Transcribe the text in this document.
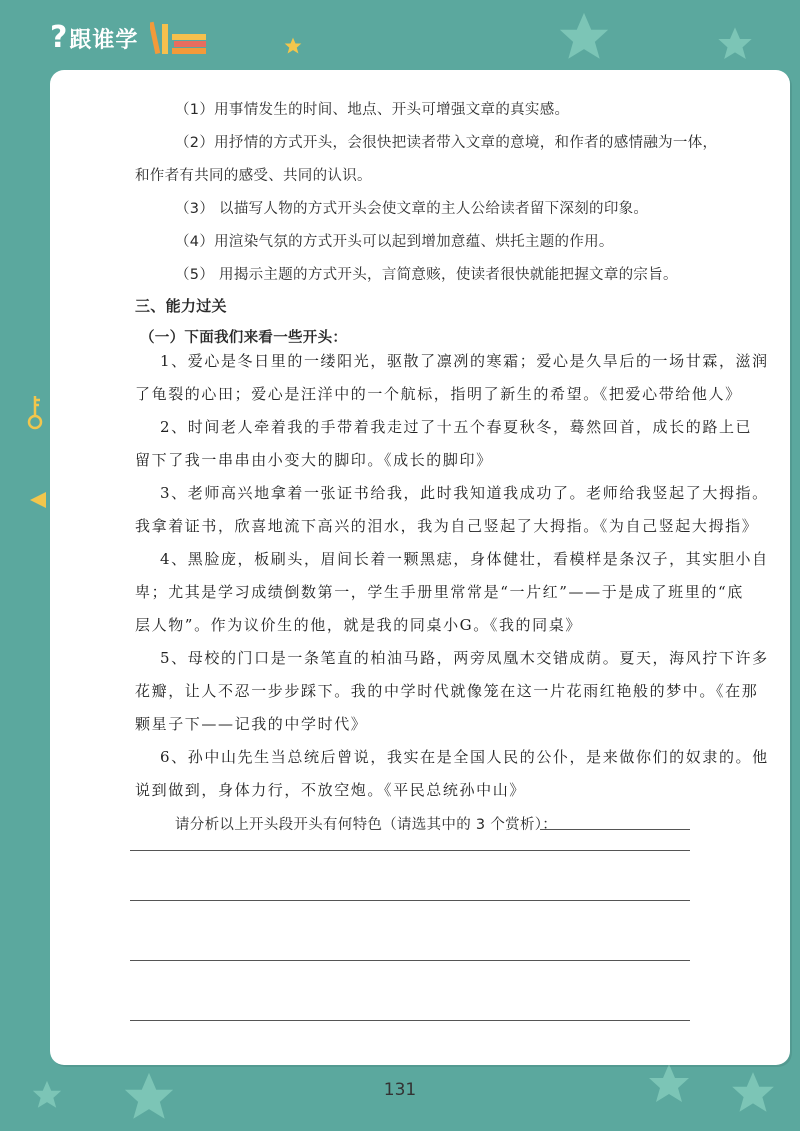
? 跟谁学
（1）用事情发生的时间、地点、开头可增强文章的真实感。
（2）用抒情的方式开头，会很快把读者带入文章的意境，和作者的感情融为一体，
和作者有共同的感受、共同的认识。
（3） 以描写人物的方式开头会使文章的主人公给读者留下深刻的印象。
（4）用渲染气氛的方式开头可以起到增加意蕴、烘托主题的作用。
（5） 用揭示主题的方式开头，言简意赅，使读者很快就能把握文章的宗旨。
三、能力过关
（一）下面我们来看一些开头：
1、爱心是冬日里的一缕阳光，驱散了凛冽的寒霜；爱心是久旱后的一场甘霖，滋润
了龟裂的心田；爱心是汪洋中的一个航标，指明了新生的希望。《把爱心带给他人》
2、时间老人牵着我的手带着我走过了十五个春夏秋冬，蓦然回首，成长的路上已
留下了我一串串由小变大的脚印。《成长的脚印》
3、老师高兴地拿着一张证书给我，此时我知道我成功了。老师给我竖起了大拇指。
我拿着证书，欣喜地流下高兴的泪水，我为自己竖起了大拇指。《为自己竖起大拇指》
4、黑脸庞，板刷头，眉间长着一颗黑痣，身体健壮，看模样是条汉子，其实胆小自
卑；尤其是学习成绩倒数第一，学生手册里常常是“一片红”——于是成了班里的“底
层人物”。作为议价生的他，就是我的同桌小G。《我的同桌》
5、母校的门口是一条笔直的柏油马路，两旁凤凰木交错成荫。夏天，海风拧下许多
花瓣，让人不忍一步步踩下。我的中学时代就像笼在这一片花雨红艳般的梦中。《在那
颗星子下——记我的中学时代》
6、孙中山先生当总统后曾说，我实在是全国人民的公仆，是来做你们的奴隶的。他
说到做到，身体力行，不放空炮。《平民总统孙中山》
请分析以上开头段开头有何特色（请选其中的 3 个赏析）：
131
